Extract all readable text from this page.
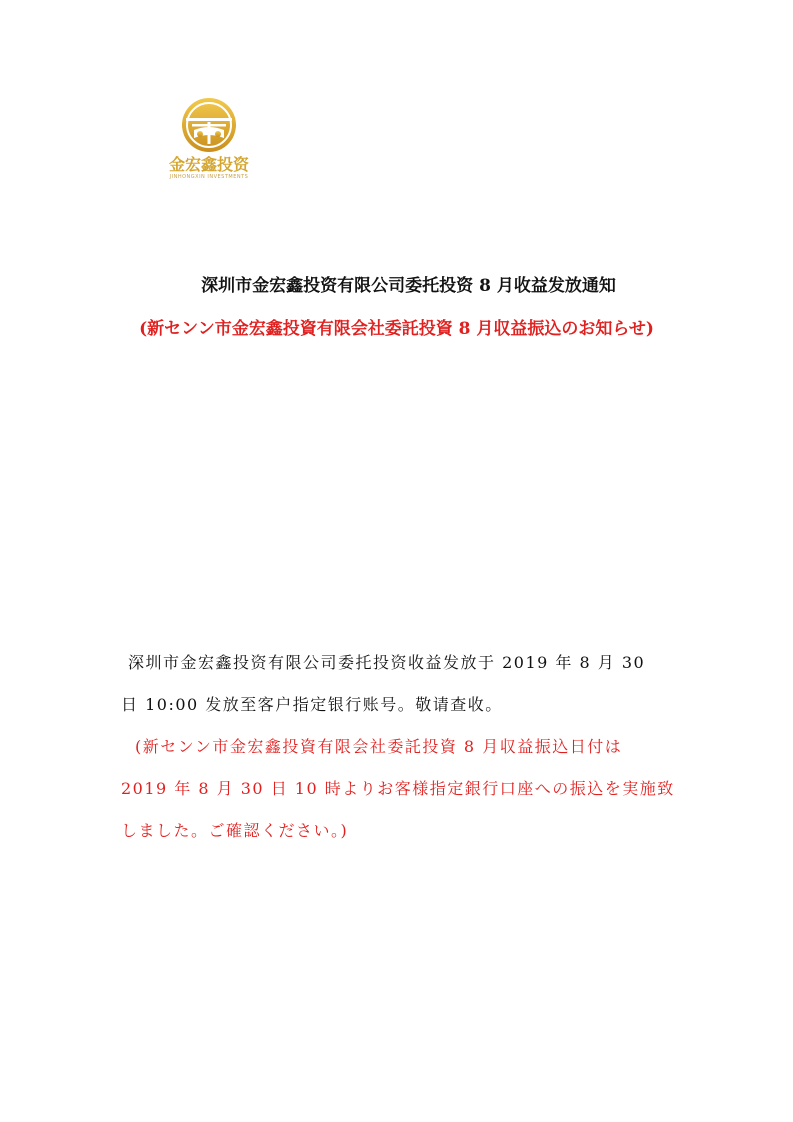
金宏鑫投资
JINHONGXIN INVESTMENTS
深圳市金宏鑫投资有限公司委托投资 8 月收益发放通知
(新センン市金宏鑫投資有限会社委託投資 8 月収益振込のお知らせ)
深圳市金宏鑫投资有限公司委托投资收益发放于 2019 年 8 月 30
日 10:00 发放至客户指定银行账号。敬请查收。
(新センン市金宏鑫投資有限会社委託投資 8 月収益振込日付は
2019 年 8 月 30 日 10 時よりお客様指定銀行口座への振込を実施致
しました。ご確認ください。)
